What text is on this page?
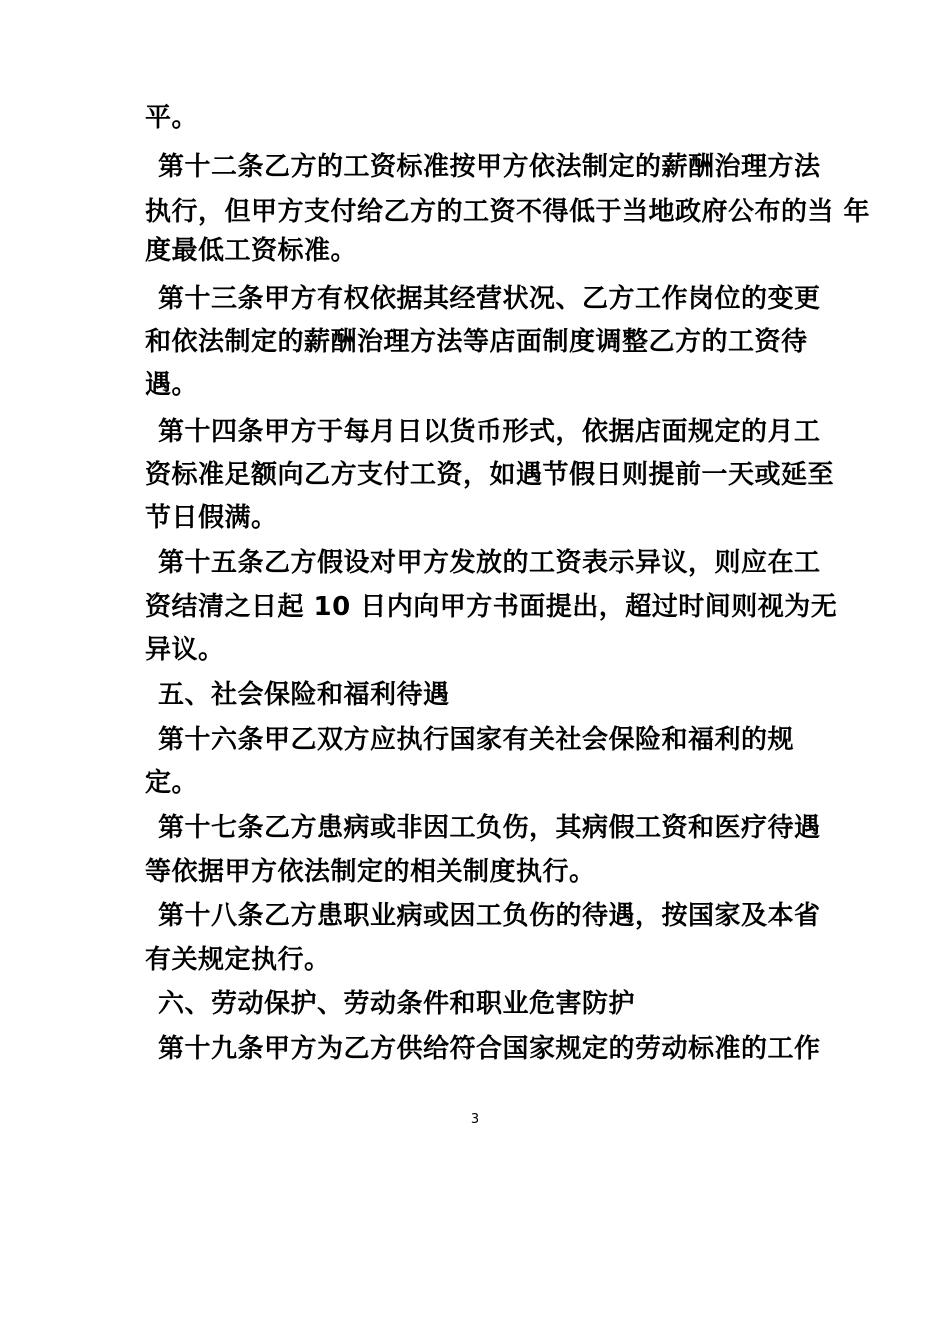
平。
第十二条乙方的工资标准按甲方依法制定的薪酬治理方法
执行，但甲方支付给乙方的工资不得低于当地政府公布的当 年
度最低工资标准。
第十三条甲方有权依据其经营状况、乙方工作岗位的变更
和依法制定的薪酬治理方法等店面制度调整乙方的工资待
遇。
第十四条甲方于每月日以货币形式，依据店面规定的月工
资标准足额向乙方支付工资，如遇节假日则提前一天或延至
节日假满。
第十五条乙方假设对甲方发放的工资表示异议，则应在工
资结清之日起 10 日内向甲方书面提出，超过时间则视为无
异议。
五、社会保险和福利待遇
第十六条甲乙双方应执行国家有关社会保险和福利的规
定。
第十七条乙方患病或非因工负伤，其病假工资和医疗待遇
等依据甲方依法制定的相关制度执行。
第十八条乙方患职业病或因工负伤的待遇，按国家及本省
有关规定执行。
六、劳动保护、劳动条件和职业危害防护
第十九条甲方为乙方供给符合国家规定的劳动标准的工作
3
